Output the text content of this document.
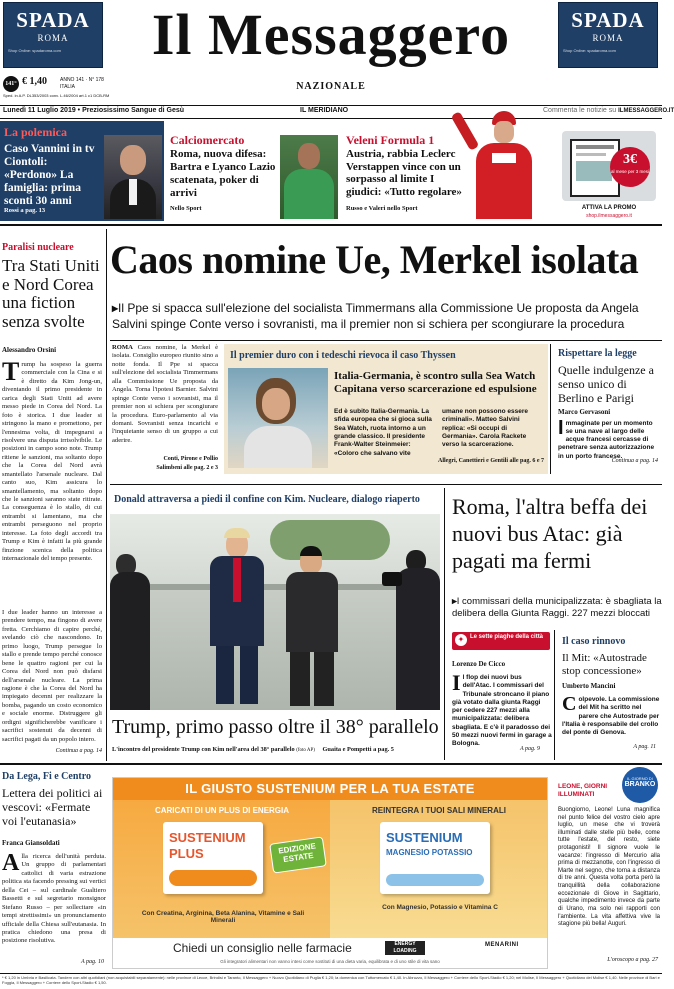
SPADA
ROMA
Shop Online: spadaroma.com
SPADA
ROMA
Shop Online: spadaroma.com
Il Messaggero
141° € 1,40	ANNO 141 · N° 178
ITALIA
Sped. in A.P. DL353/2003 conv. L.46/2004 art.1 c1 DCB-RM
NAZIONALE
Lunedì 11 Luglio 2019 • Preziosissimo Sangue di Gesù	IL MERIDIANO	Commenta le notizie su ILMESSAGGERO.IT
La polemica
Caso Vannini in tv Ciontoli: «Perdono» La famiglia: prima sconti 30 anni
Rossi a pag. 13
Calciomercato
Roma, nuova difesa: Bartra e Lyanco Lazio scatenata, poker di arrivi
Nello Sport
Veleni Formula 1
Austria, rabbia Leclerc Verstappen vince con un sorpasso al limite I giudici: «Tutto regolare»
Russo e Valeri nello Sport
3€
al mese per 3 mesi
ATTIVA LA PROMO
shop.ilmessaggero.it
Paralisi nucleare
Tra Stati Uniti e Nord Corea una fiction senza svolte
Alessandro Orsini
T rump ha sospeso la guerra commerciale con la Cina e si è diretto da Kim Jong-un, diventando il primo presidente in carica degli Stati Uniti ad avere messo piede in Corea del Nord. La foto è storica. I due leader si stringono la mano e promettono, per l'ennesima volta, di impegnarsi a risolvere una disputa irrisolvibile. Le posizioni in campo sono note. Trump ritiene le sanzioni, ma soltanto dopo che la Corea del Nord avrà smantellato l'arsenale nucleare. Dal canto suo, Kim assicura lo smantellamento, ma soltanto dopo che le sanzioni saranno state ritirate. La conseguenza è lo stallo, di cui entrambi si lamentano, ma che entrambi perseguono nel proprio interesse. La foto degli accordi tra Trump e Kim è infatti la più grande finzione scenica della politica internazionale del tempo presente.
I due leader hanno un interesse a prendere tempo, ma fingono di avere fretta. Cerchiamo di capire perché, svelando ciò che nascondono. In primo luogo, Trump persegue lo stallo e prende tempo perché conosce bene le quattro ragioni per cui la Corea del Nord non può disfarsi dell'arsenale nucleare. La prima ragione è che la Corea del Nord ha impiegato decenni per realizzare la bomba, pagando un costo economico e sociale enorme. Distruggere gli ordigni significherebbe vanificare i sacrifici sostenuti da decenni di sacrifici pagati da un popolo intero.
Continua a pag. 14
Caos nomine Ue, Merkel isolata
▸Il Ppe si spacca sull'elezione del socialista Timmermans alla Commissione Ue proposta da Angela Salvini spinge Conte verso i sovranisti, ma il premier non si schiera per scongiurare la procedura
ROMA Caos nomine, la Merkel è isolata. Consiglio europeo riunito sino a notte fonda. Il Ppe si spacca sull'elezione del socialista Timmermans alla Commissione Ue proposta da Angela. Torna l'ipotesi Barnier. Salvini spinge Conte verso i sovranisti, ma il premier non si schiera per scongiurare la procedura. Euro-parlamento al via domani. Sovranisti senza incarichi e l'inquietante senso di un gruppo a cui aderire.
Conti, Pirone e Pollio
Salimbeni alle pag. 2 e 3
Il premier duro con i tedeschi rievoca il caso Thyssen
Italia-Germania, è scontro sulla Sea Watch Capitana verso scarcerazione ed espulsione
Ed è subito Italia-Germania. La sfida europea che si gioca sulla Sea Watch, ruota intorno a un grande classico. Il presidente Frank-Walter Steinmeier: «Coloro che salvano vite
umane non possono essere criminali». Matteo Salvini replica: «Si occupi di Germania». Carola Rackete verso la scarcerazione.
Allegri, Canettieri e Gentili alle pag. 6 e 7
Rispettare la legge
Quelle indulgenze a senso unico di Berlino e Parigi
Marco Gervasoni
I mmaginate per un momento se una nave al largo delle acque francesi cercasse di penetrare senza autorizzazione in un porto francese.
Continua a pag. 14
Donald attraversa a piedi il confine con Kim. Nucleare, dialogo riaperto
Trump, primo passo oltre il 38° parallelo
L'incontro del presidente Trump con Kim nell'area del 38° parallelo (foto AP) Guaita e Pompetti a pag. 5
Roma, l'altra beffa dei nuovi bus Atac: già pagati ma fermi
▸I commissari della municipalizzata: è sbagliata la delibera della Giunta Raggi. 227 mezzi bloccati
✦ Le sette piaghe della città
Lorenzo De Cicco
I l flop dei nuovi bus dell'Atac. I commissari del Tribunale stroncano il piano già votato dalla giunta Raggi per cedere 227 mezzi alla municipalizzata: delibera sbagliata. E c'è il paradosso dei 50 mezzi nuovi fermi in garage a Bologna.
A pag. 9
Il caso rinnovo
Il Mit: «Autostrade stop concessione»
Umberto Mancini
C olpevole. La commissione del Mit ha scritto nel parere che Autostrade per l'Italia è responsabile del crollo del ponte di Genova.
A pag. 11
Da Lega, Fi e Centro
Lettera dei politici ai vescovi: «Fermate voi l'eutanasia»
Franca Giansoldati
A lla ricerca dell'unità perduta. Un gruppo di parlamentari cattolici di varia estrazione politica sta facendo pressing sui vertici della Cei – sul cardinale Gualtiero Bassetti e sul segretario monsignor Stefano Russo – per sollecitare «in tempi strettissimi» un pronunciamento ufficiale della Chiesa sull'eutanasia. In pratica chiedono una presa di posizione risolutiva.
A pag. 10
IL GIUSTO SUSTENIUM PER LA TUA ESTATE
CARICATI DI UN PLUS DI ENERGIA
SUSTENIUM
PLUS	EDIZIONE ESTATE
Con Creatina, Arginina, Beta Alanina, Vitamine e Sali Minerali
REINTEGRA I TUOI SALI MINERALI
SUSTENIUM
MAGNESIO POTASSIO
Con Magnesio, Potassio e Vitamina C
Chiedi un consiglio nelle farmacie	ENERGY LOADING
MENARINI
Gli integratori alimentari non vanno intesi come sostituti di una dieta varia, equilibrata e di uno stile di vita sano
IL GIORNO DI
BRANKO
LEONE, GIORNI ILLUMINATI
Buongiorno, Leone! Luna magnifica nel punto felice del vostro cielo apre luglio, un mese che vi troverà illuminati dalle stelle più belle, come tutte l'estate, del resto, siete protagonisti! Il signore vuole le vacanze: l'ingresso di Mercurio alla prima di mezzanotte, con l'ingresso di Marte nel segno, che torna a distanza di tre anni. Questa volta porta però la tranquillità della collaborazione eccezionale di Giove in Sagittario, qualche impedimento invece da parte di Urano, ma solo nei rapporti con l'ambiente. La vita affettiva vive la stagione più bella! Auguri.
L'oroscopo a pag. 27
* € 1,20 in Umbria e Basilicata. Tandem con altri quotidiani (non acquistabili separatamente): nelle province di Lecce, Brindisi e Taranto, Il Messaggero + Nuovo Quotidiano di Puglia € 1,20; la domenica con Tuttomercato € 1,40. In Abruzzo, Il Messaggero + Corriere dello Sport-Stadio € 1,20; nel Molise, Il Messaggero + Quotidiano del Molise € 1,40. Nelle province di Bari e Foggia, Il Messaggero + Corriere dello Sport-Stadio € 1,50.
